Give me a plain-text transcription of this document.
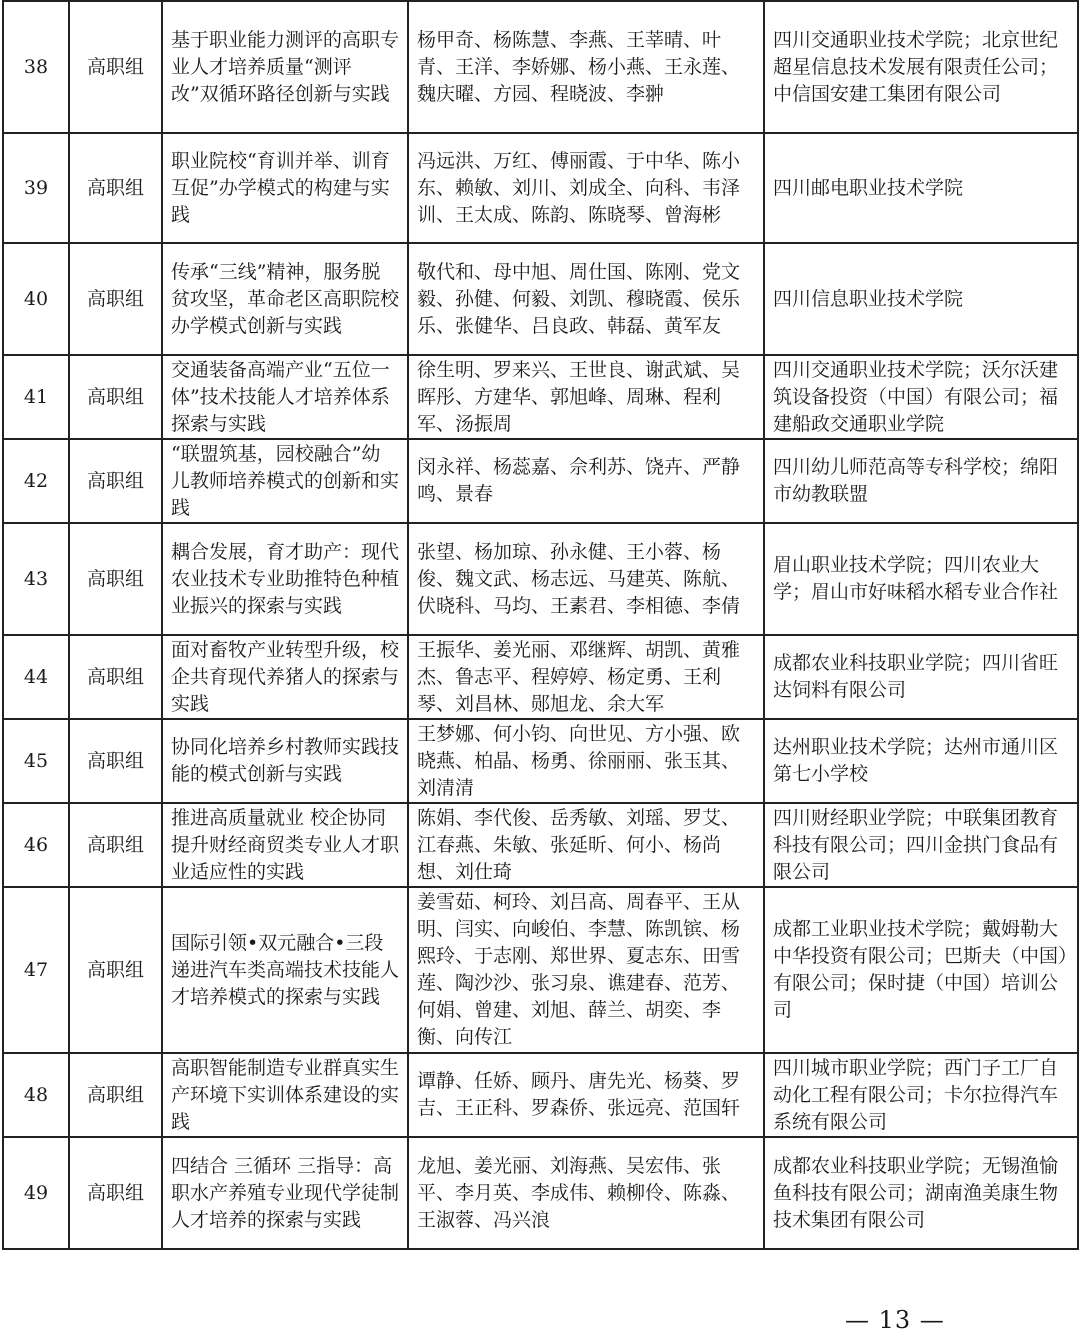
38	高职组	基于职业能力测评的高职专业人才培养质量“测评改”双循环路径创新与实践	杨甲奇、杨陈慧、李燕、王莘晴、叶青、王洋、李娇娜、杨小燕、王永莲、魏庆曜、方园、程晓波、李翀	四川交通职业技术学院；北京世纪超星信息技术发展有限责任公司；中信国安建工集团有限公司
39	高职组	职业院校“育训并举、训育互促”办学模式的构建与实践	冯远洪、万红、傅丽霞、于中华、陈小东、赖敏、刘川、刘成全、向科、韦泽训、王太成、陈韵、陈晓琴、曾海彬	四川邮电职业技术学院
40	高职组	传承“三线”精神，服务脱贫攻坚，革命老区高职院校办学模式创新与实践	敬代和、母中旭、周仕国、陈刚、党文毅、孙健、何毅、刘凯、穆晓霞、侯乐乐、张健华、吕良政、韩磊、黄军友	四川信息职业技术学院
41	高职组	交通装备高端产业“五位一体”技术技能人才培养体系探索与实践	徐生明、罗来兴、王世良、谢武斌、吴晖彤、方建华、郭旭峰、周琳、程利军、汤振周	四川交通职业技术学院；沃尔沃建筑设备投资（中国）有限公司；福建船政交通职业学院
42	高职组	“联盟筑基，园校融合”幼儿教师培养模式的创新和实践	闵永祥、杨蕊嘉、佘利苏、饶卉、严静鸣、景春	四川幼儿师范高等专科学校；绵阳市幼教联盟
43	高职组	耦合发展，育才助产：现代农业技术专业助推特色种植业振兴的探索与实践	张望、杨加琼、孙永健、王小蓉、杨俊、魏文武、杨志远、马建英、陈航、伏晓科、马均、王素君、李相德、李倩	眉山职业技术学院；四川农业大学；眉山市好味稻水稻专业合作社
44	高职组	面对畜牧产业转型升级，校企共育现代养猪人的探索与实践	王振华、姜光丽、邓继辉、胡凯、黄雅杰、鲁志平、程婷婷、杨定勇、王利琴、刘昌林、郧旭龙、余大军	成都农业科技职业学院；四川省旺达饲料有限公司
45	高职组	协同化培养乡村教师实践技能的模式创新与实践	王梦娜、何小钧、向世见、方小强、欧晓燕、柏晶、杨勇、徐丽丽、张玉其、刘清清	达州职业技术学院；达州市通川区第七小学校
46	高职组	推进高质量就业 校企协同提升财经商贸类专业人才职业适应性的实践	陈娟、李代俊、岳秀敏、刘瑶、罗艾、江春燕、朱敏、张延昕、何小、杨尚想、刘仕琦	四川财经职业学院；中联集团教育科技有限公司；四川金拱门食品有限公司
47	高职组	国际引领•双元融合•三段递进汽车类高端技术技能人才培养模式的探索与实践	姜雪茹、柯玲、刘吕高、周春平、王从明、闫实、向峻伯、李慧、陈凯镔、杨熙玲、于志刚、郑世界、夏志东、田雪莲、陶沙沙、张习泉、谯建春、范芳、何娟、曾建、刘旭、薛兰、胡奕、李衡、向传江	成都工业职业技术学院；戴姆勒大中华投资有限公司；巴斯夫（中国）有限公司；保时捷（中国）培训公司
48	高职组	高职智能制造专业群真实生产环境下实训体系建设的实践	谭静、任娇、顾丹、唐先光、杨葵、罗吉、王正科、罗森侨、张远亮、范国轩	四川城市职业学院；西门子工厂自动化工程有限公司；卡尔拉得汽车系统有限公司
49	高职组	四结合 三循环 三指导：高职水产养殖专业现代学徒制人才培养的探索与实践	龙旭、姜光丽、刘海燕、吴宏伟、张平、李月英、李成伟、赖柳伶、陈淼、王淑蓉、冯兴浪	成都农业科技职业学院；无锡渔愉鱼科技有限公司；湖南渔美康生物技术集团有限公司
— 13 —
